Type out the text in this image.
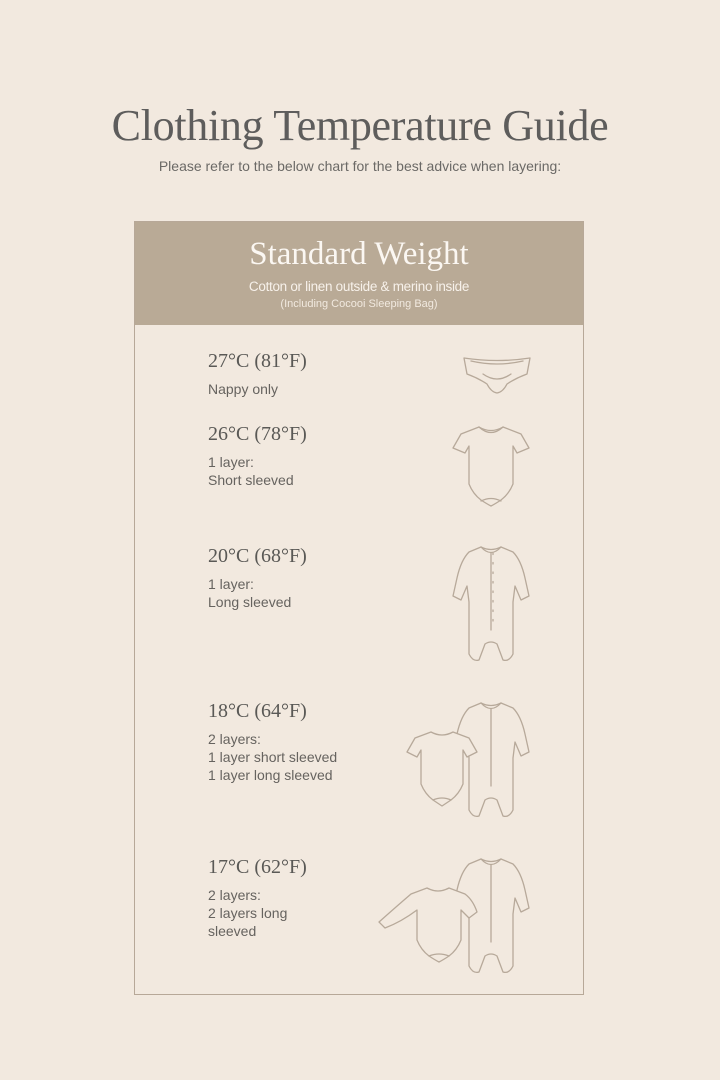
Clothing Temperature Guide
Please refer to the below chart for the best advice when layering:
Standard Weight
Cotton or linen outside & merino inside
(Including Cocooi Sleeping Bag)
27°C (81°F)
Nappy only
26°C (78°F)
1 layer:
Short sleeved
20°C (68°F)
1 layer:
Long sleeved
18°C (64°F)
2 layers:
1 layer short sleeved
1 layer long sleeved
17°C (62°F)
2 layers:
2 layers long
sleeved
